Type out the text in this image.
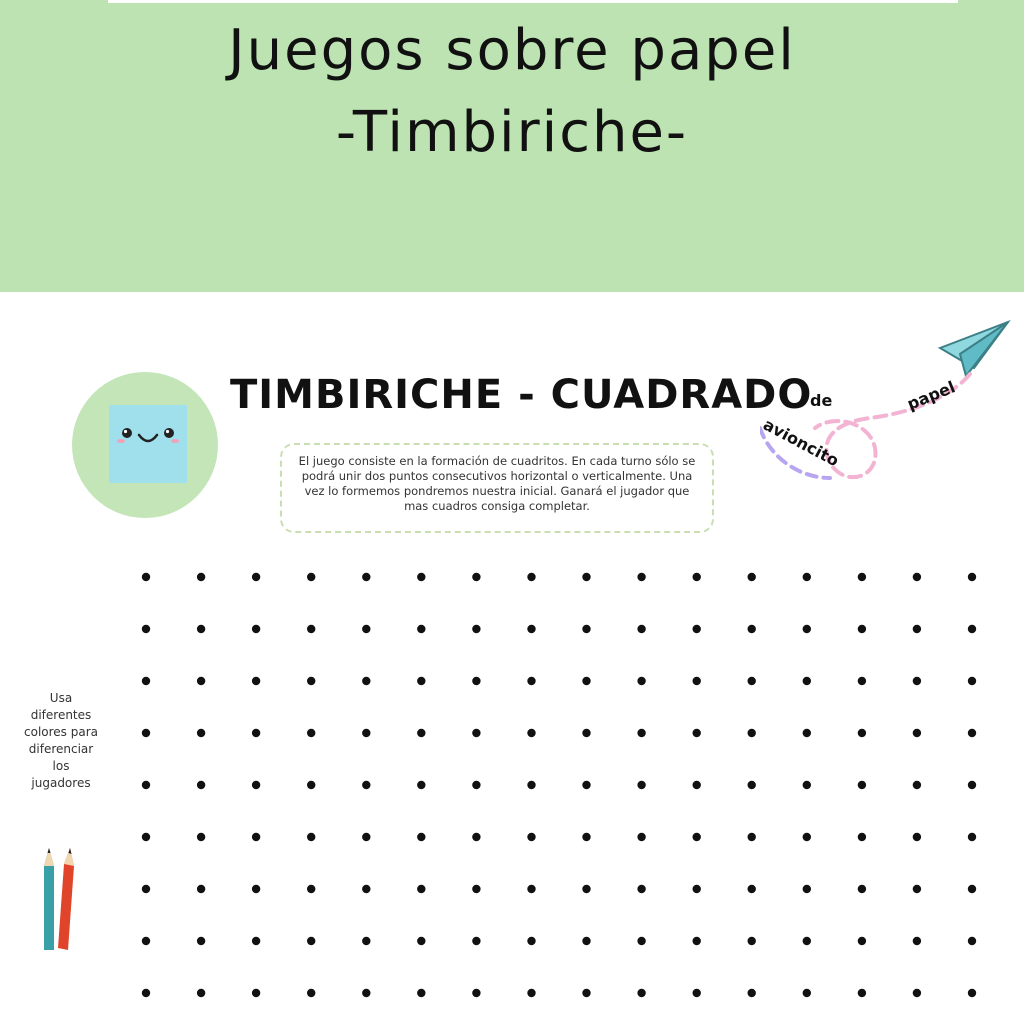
Juegos sobre papel
-Timbiriche-
TIMBIRICHE - CUADRADO	papel
de
avioncito
El juego consiste en la formación de cuadritos. En cada turno sólo se podrá unir dos puntos consecutivos horizontal o verticalmente. Una vez lo formemos pondremos nuestra inicial. Ganará el jugador que mas cuadros consiga completar.
Usa diferentes colores para diferenciar los jugadores
